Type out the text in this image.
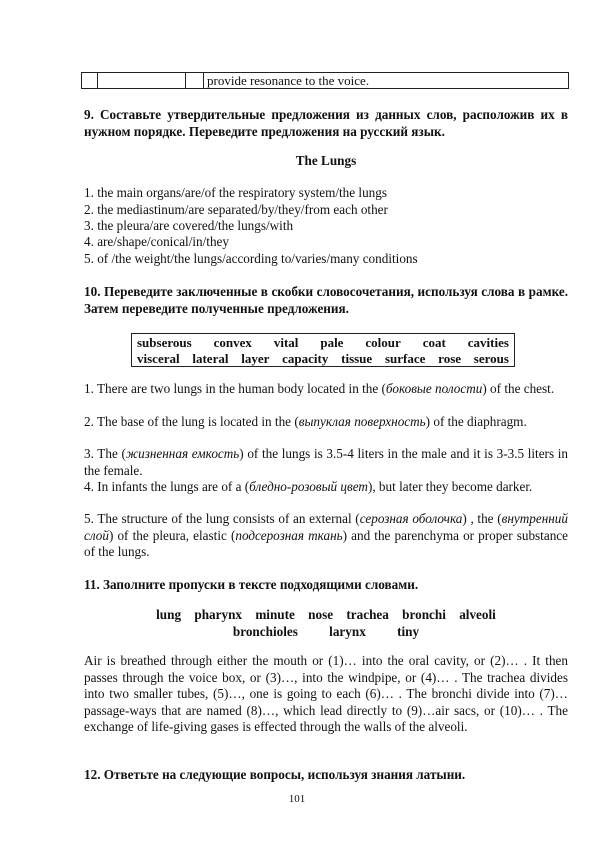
provide resonance to the voice.
9. Составьте утвердительные предложения из данных слов, расположив их в нужном порядке. Переведите предложения на русский язык.
The Lungs
1. the main organs/are/of the respiratory system/the lungs
2. the mediastinum/are separated/by/they/from each other
3. the pleura/are covered/the lungs/with
4. are/shape/conical/in/they
5. of /the weight/the lungs/according to/varies/many conditions
10. Переведите заключенные в скобки словосочетания, используя слова в рамке. Затем переведите полученные предложения.
subserous convex vital pale colour coat cavities
visceral lateral layer capacity tissue surface rose serous
1. There are two lungs in the human body located in the (боковые полости) of the chest.
2. The base of the lung is located in the (выпуклая поверхность) of the diaphragm.
3. The (жизненная емкость) of the lungs is 3.5-4 liters in the male and it is 3-3.5 liters in the female.
4. In infants the lungs are of a (бледно-розовый цвет), but later they become darker.
5. The structure of the lung consists of an external (серозная оболочка) , the (внутренний слой) of the pleura, elastic (подсерозная ткань) and the parenchyma or proper substance of the lungs.
11. Заполните пропуски в тексте подходящими словами.
lung pharynx minute nose trachea bronchi alveoli
bronchioles larynx tiny
Air is breathed through either the mouth or (1)… into the oral cavity, or (2)… . It then passes through the voice box, or (3)…, into the windpipe, or (4)… . The trachea divides into two smaller tubes, (5)…, one is going to each (6)… . The bronchi divide into (7)… passage-ways that are named (8)…, which lead directly to (9)…air sacs, or (10)… . The exchange of life-giving gases is effected through the walls of the alveoli.
12. Ответьте на следующие вопросы, используя знания латыни.
101
